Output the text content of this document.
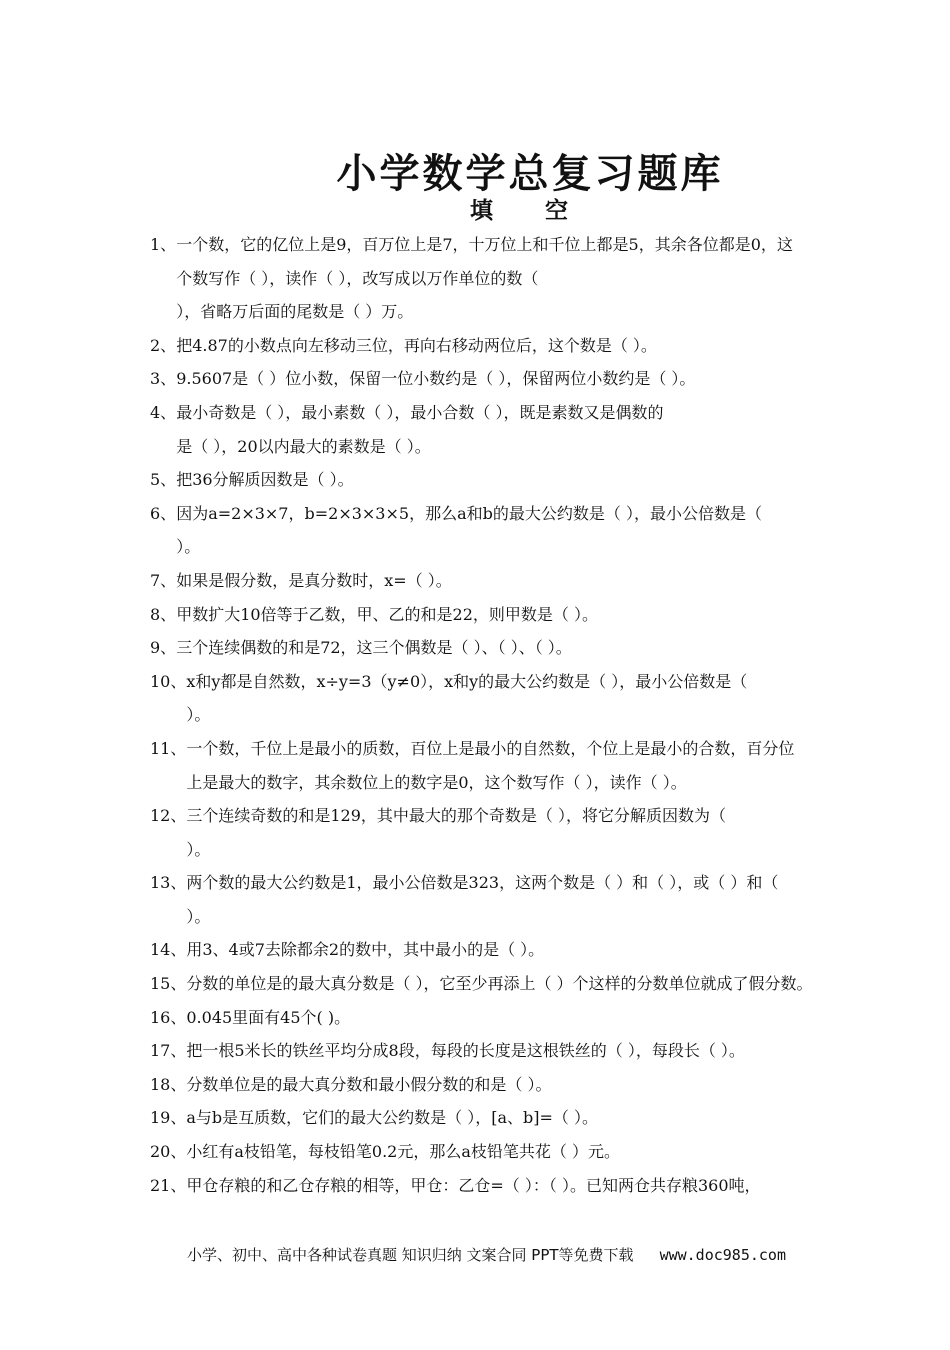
小学数学总复习题库
填 空
1、 一个数，它的亿位上是9，百万位上是7，十万位上和千位上都是5，其余各位都是0，这
个数写作（ ），读作（ ），改写成以万作单位的数（
），省略万后面的尾数是（ ）万。
2、 把4.87的小数点向左移动三位，再向右移动两位后，这个数是（ ）。
3、 9.5607是（ ）位小数，保留一位小数约是（ ），保留两位小数约是（ ）。
4、 最小奇数是（ ），最小素数（ ），最小合数（ ），既是素数又是偶数的
是（ ），20以内最大的素数是（ ）。
5、 把36分解质因数是（ ）。
6、 因为a=2×3×7，b=2×3×3×5，那么a和b的最大公约数是（ ），最小公倍数是（
）。
7、 如果是假分数，是真分数时，x=（ ）。
8、 甲数扩大10倍等于乙数，甲、乙的和是22，则甲数是（ ）。
9、 三个连续偶数的和是72，这三个偶数是（ ）、（ ）、（ ）。
10、 x和y都是自然数，x÷y=3（y≠0），x和y的最大公约数是（ ），最小公倍数是（
）。
11、 一个数，千位上是最小的质数，百位上是最小的自然数，个位上是最小的合数，百分位
上是最大的数字，其余数位上的数字是0，这个数写作（ ），读作（ ）。
12、 三个连续奇数的和是129，其中最大的那个奇数是（ ），将它分解质因数为（
）。
13、 两个数的最大公约数是1，最小公倍数是323，这两个数是（ ）和（ ），或（ ）和（
）。
14、 用3、4或7去除都余2的数中，其中最小的是（ ）。
15、 分数的单位是的最大真分数是（ ），它至少再添上（ ）个这样的分数单位就成了假分数。
16、 0.045里面有45个( )。
17、 把一根5米长的铁丝平均分成8段，每段的长度是这根铁丝的（ ），每段长（ ）。
18、 分数单位是的最大真分数和最小假分数的和是（ ）。
19、 a与b是互质数，它们的最大公约数是（ ），[a、b]=（ ）。
20、 小红有a枝铅笔，每枝铅笔0.2元，那么a枝铅笔共花（ ）元。
21、 甲仓存粮的和乙仓存粮的相等，甲仓：乙仓=（ ）：（ ）。已知两仓共存粮360吨，
小学、初中、高中各种试卷真题 知识归纳 文案合同 PPT等免费下载 www.doc985.com
